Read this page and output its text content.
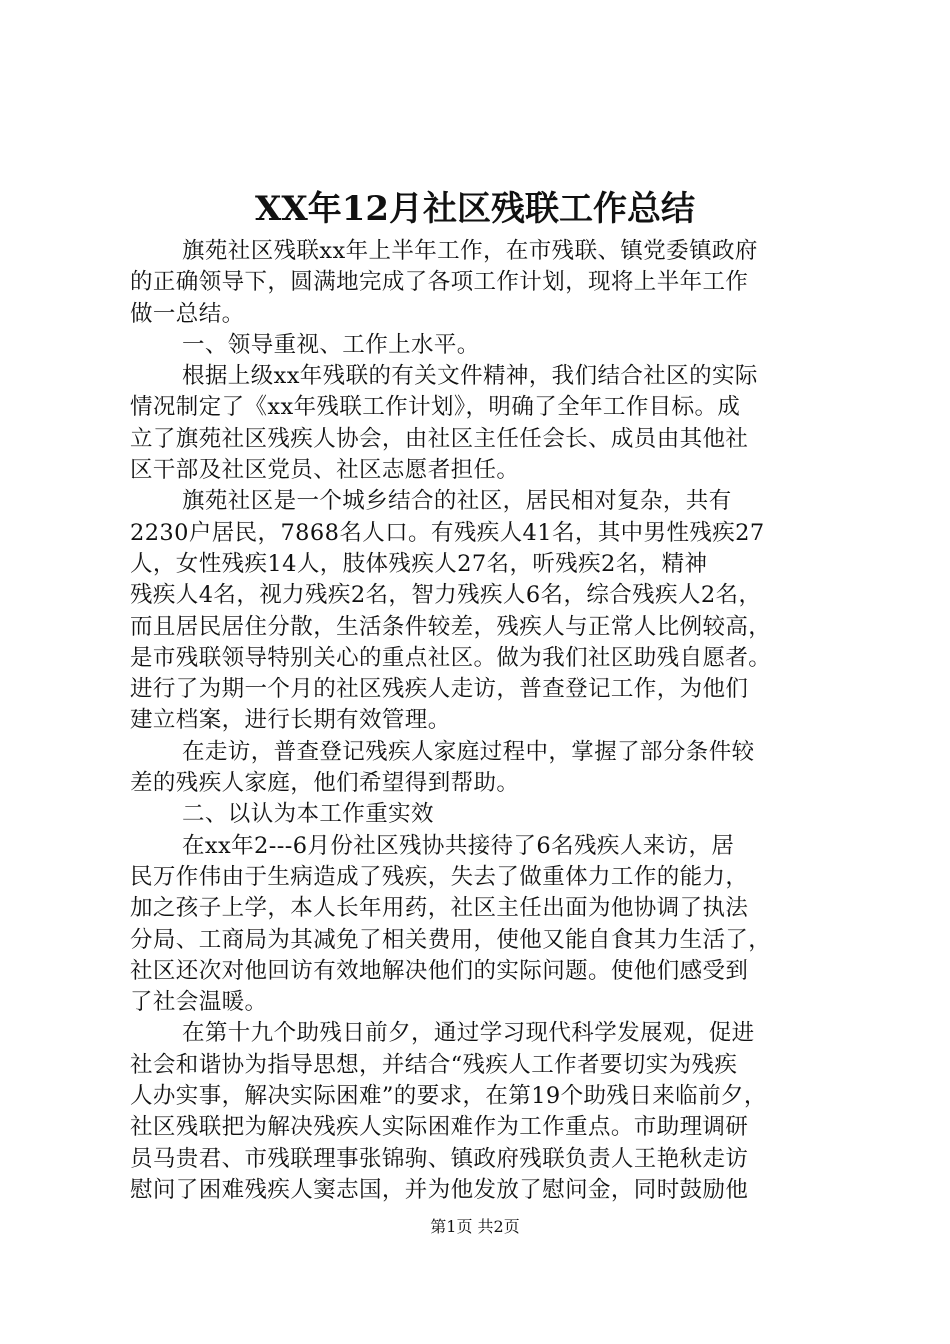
XX年12月社区残联工作总结
旗苑社区残联xx年上半年工作，在市残联、镇党委镇政府
的正确领导下，圆满地完成了各项工作计划，现将上半年工作
做一总结。
一、领导重视、工作上水平。
根据上级xx年残联的有关文件精神，我们结合社区的实际
情况制定了《xx年残联工作计划》，明确了全年工作目标。成
立了旗苑社区残疾人协会，由社区主任任会长、成员由其他社
区干部及社区党员、社区志愿者担任。
旗苑社区是一个城乡结合的社区，居民相对复杂，共有
2230户居民，7868名人口。有残疾人41名，其中男性残疾27
人，女性残疾14人，肢体残疾人27名，听残疾2名，精神
残疾人4名，视力残疾2名，智力残疾人6名，综合残疾人2名，
而且居民居住分散，生活条件较差，残疾人与正常人比例较高，
是市残联领导特别关心的重点社区。做为我们社区助残自愿者。
进行了为期一个月的社区残疾人走访，普查登记工作，为他们
建立档案，进行长期有效管理。
在走访，普查登记残疾人家庭过程中，掌握了部分条件较
差的残疾人家庭，他们希望得到帮助。
二、以认为本工作重实效
在xx年2---6月份社区残协共接待了6名残疾人来访，居
民万作伟由于生病造成了残疾，失去了做重体力工作的能力，
加之孩子上学，本人长年用药，社区主任出面为他协调了执法
分局、工商局为其减免了相关费用，使他又能自食其力生活了，
社区还次对他回访有效地解决他们的实际问题。使他们感受到
了社会温暖。
在第十九个助残日前夕，通过学习现代科学发展观，促进
社会和谐协为指导思想，并结合“残疾人工作者要切实为残疾
人办实事，解决实际困难”的要求，在第19个助残日来临前夕，
社区残联把为解决残疾人实际困难作为工作重点。市助理调研
员马贵君、市残联理事张锦驹、镇政府残联负责人王艳秋走访
慰问了困难残疾人窦志国，并为他发放了慰问金，同时鼓励他
第1页 共2页
